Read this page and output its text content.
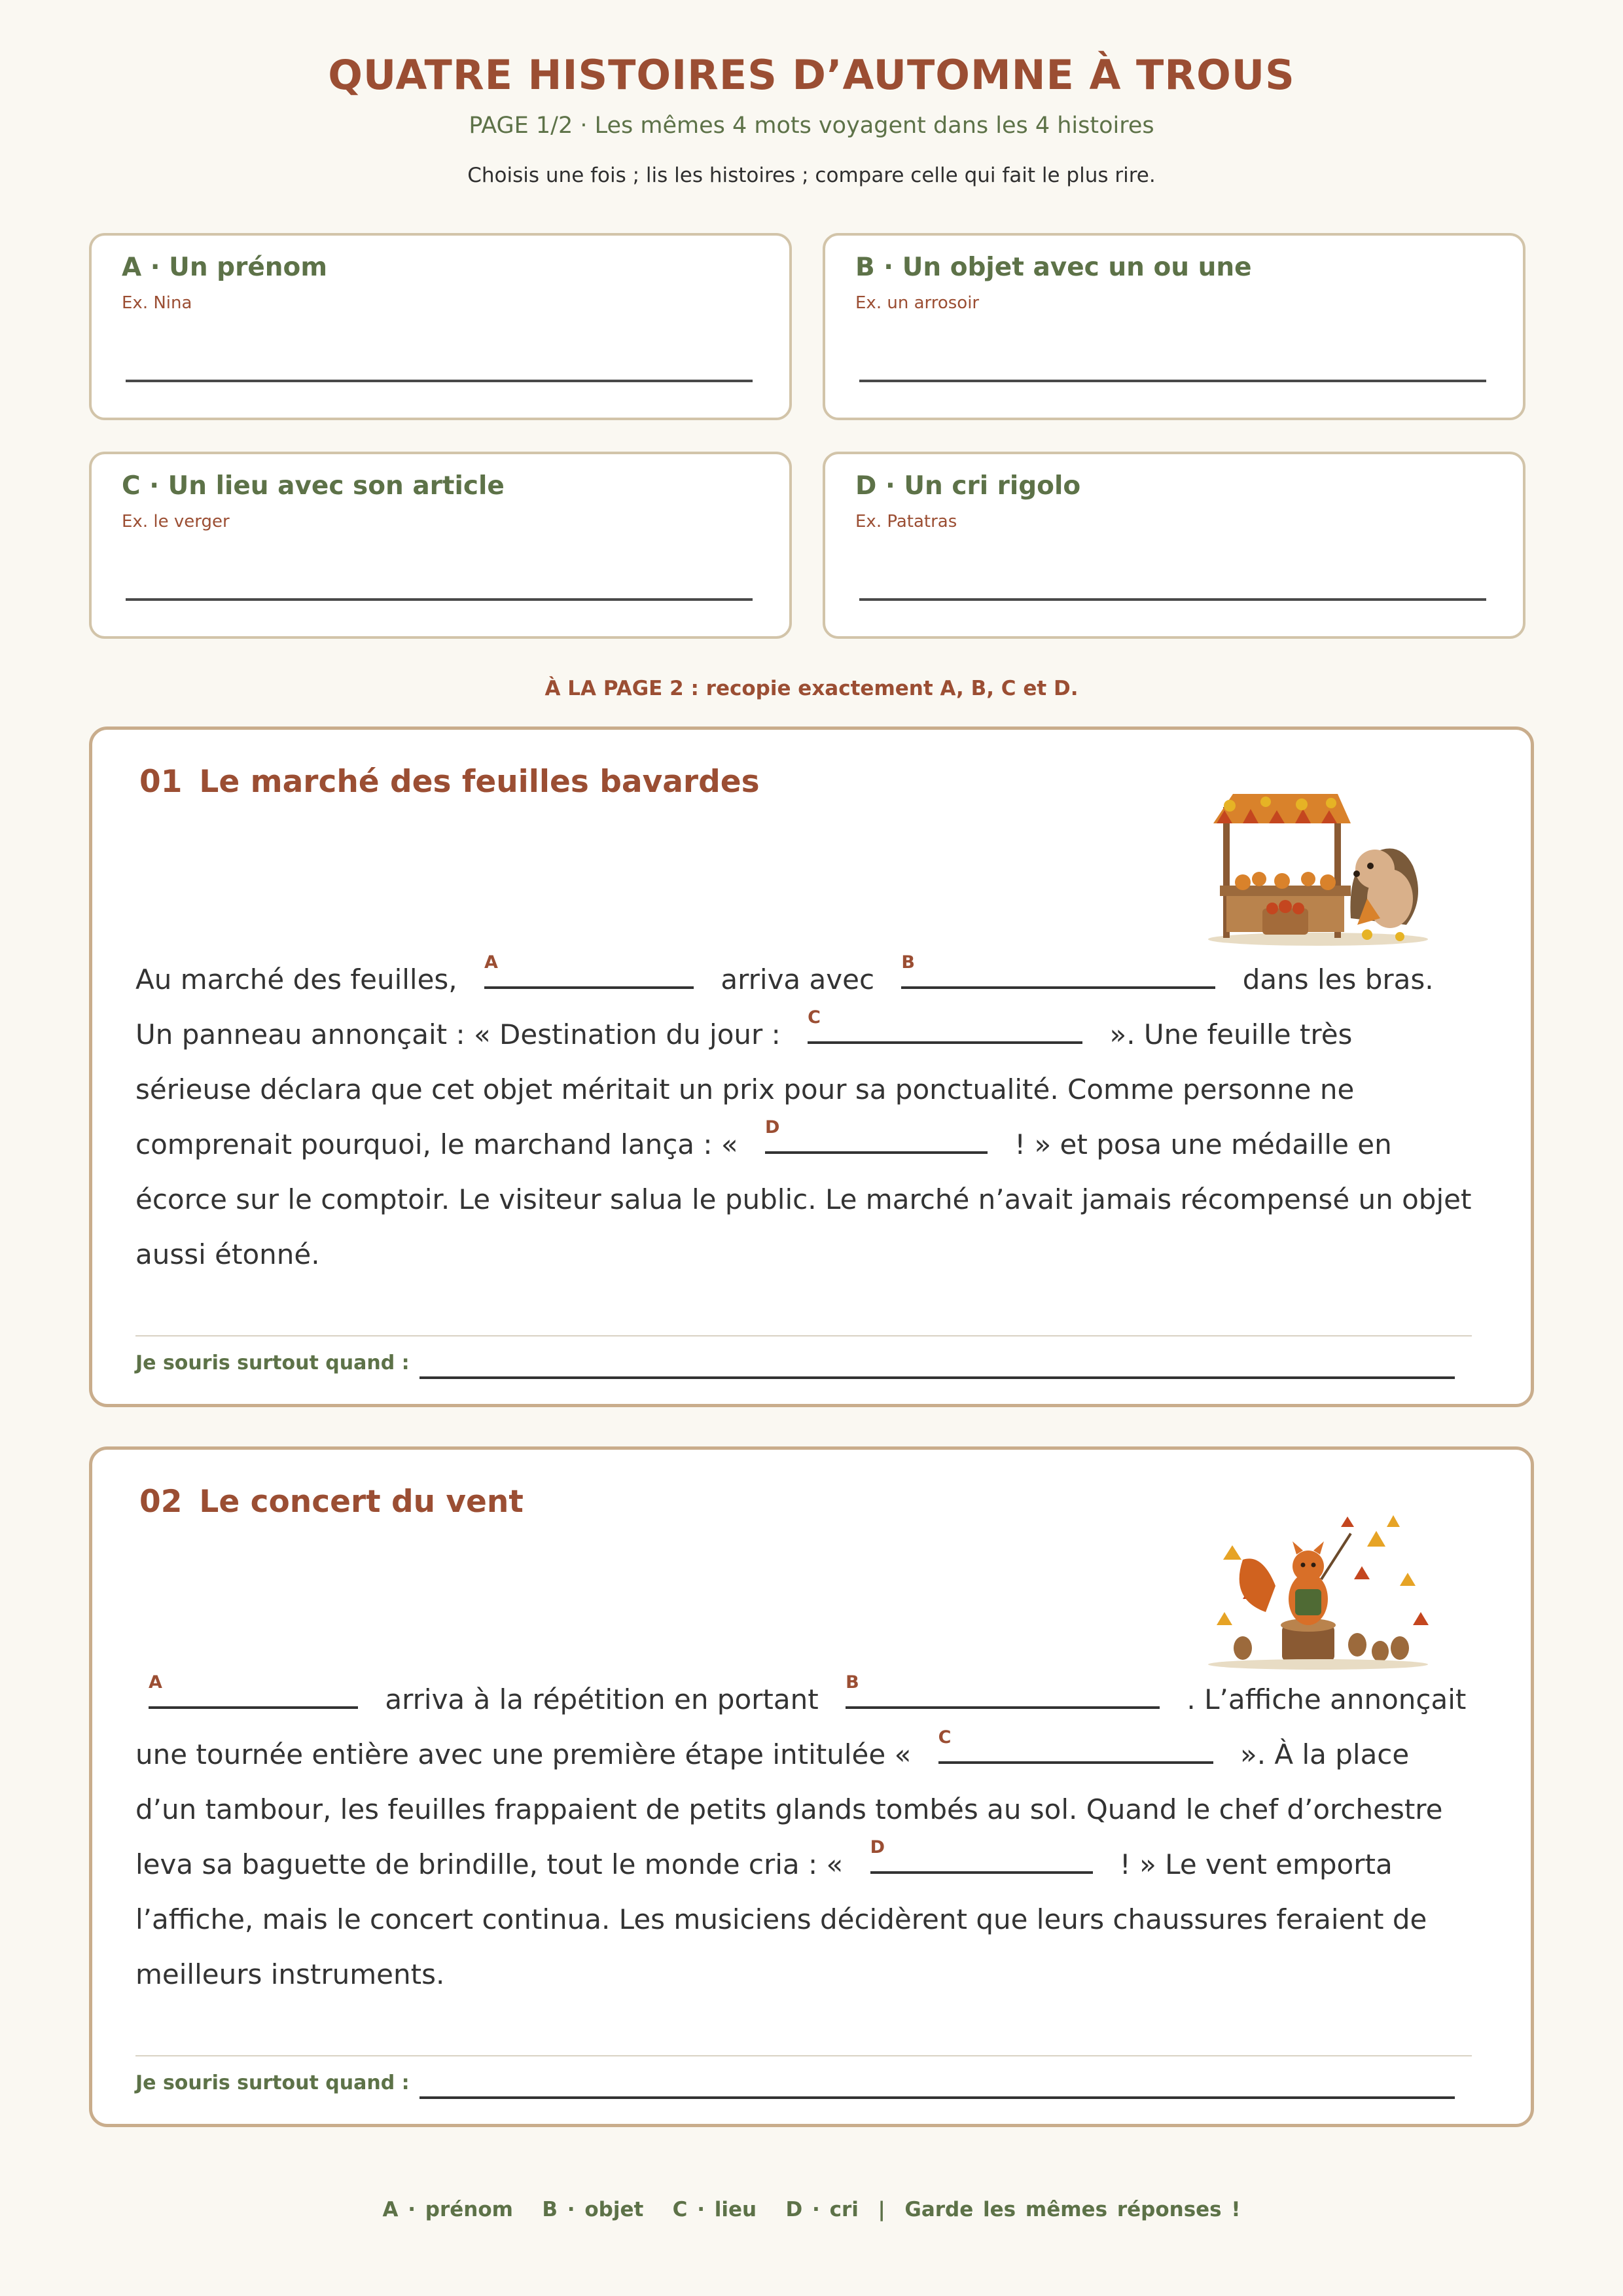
QUATRE HISTOIRES D’AUTOMNE À TROUS
PAGE 1/2 · Les mêmes 4 mots voyagent dans les 4 histoires
Choisis une fois ; lis les histoires ; compare celle qui fait le plus rire.
A · Un prénom
Ex. Nina
B · Un objet avec un ou une
Ex. un arrosoir
C · Un lieu avec son article
Ex. le verger
D · Un cri rigolo
Ex. Patatras
À LA PAGE 2 : recopie exactement A, B, C et D.
01 Le marché des feuilles bavardes
Au marché des feuilles,
A
arriva avec
B
dans les bras. Un panneau annonçait : « Destination du jour :
C
». Une feuille très sérieuse déclara que cet objet méritait un prix pour sa ponctualité. Comme personne ne comprenait pourquoi, le marchand lança : «
D
! » et posa une médaille en écorce sur le comptoir. Le visiteur salua le public. Le marché n’avait jamais récompensé un objet aussi étonné.
Je souris surtout quand :
02 Le concert du vent
A
arriva à la répétition en portant
B
. L’affiche annonçait une tournée entière avec une première étape intitulée «
C
». À la place d’un tambour, les feuilles frappaient de petits glands tombés au sol. Quand le chef d’orchestre leva sa baguette de brindille, tout le monde cria : «
D
! » Le vent emporta l’affiche, mais le concert continua. Les musiciens décidèrent que leurs chaussures feraient de meilleurs instruments.
Je souris surtout quand :
A · prénom   B · objet   C · lieu   D · cri  |  Garde les mêmes réponses !
